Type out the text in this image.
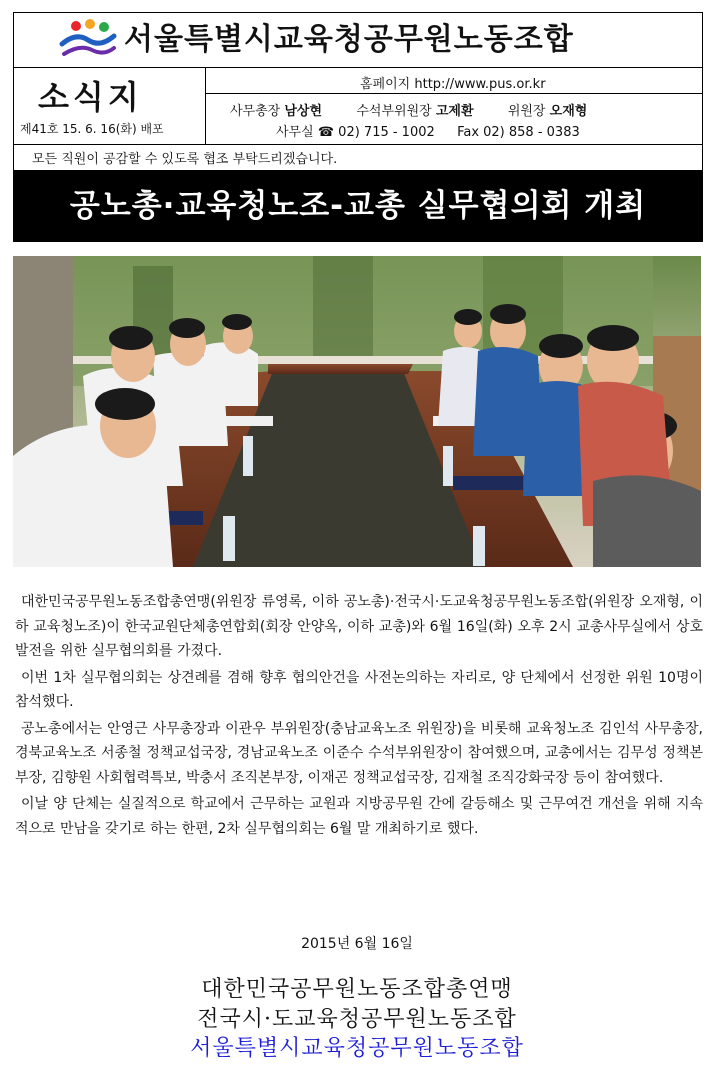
서울특별시교육청공무원노동조합
소식지
제41호 15. 6. 16(화) 배포
홈페이지 http://www.pus.or.kr
사무총장 남상현	수석부위원장 고제환	위원장 오재형
사무실 ☎ 02) 715 - 1002 Fax 02) 858 - 0383
모든 직원이 공감할 수 있도록 협조 부탁드리겠습니다.
공노총·교육청노조-교총 실무협의회 개최

대한민국공무원노동조합총연맹(위원장 류영록, 이하 공노총)·전국시·도교육청공무원노동조합(위원장 오재형, 이하 교육청노조)이 한국교원단체총연합회(회장 안양옥, 이하 교총)와 6월 16일(화) 오후 2시 교총사무실에서 상호발전을 위한 실무협의회를 가졌다.

이번 1차 실무협의회는 상견례를 겸해 향후 협의안건을 사전논의하는 자리로, 양 단체에서 선정한 위원 10명이 참석했다.

공노총에서는 안영근 사무총장과 이관우 부위원장(충남교육노조 위원장)을 비롯해 교육청노조 김인석 사무총장, 경북교육노조 서종철 정책교섭국장, 경남교육노조 이준수 수석부위원장이 참여했으며, 교총에서는 김무성 정책본부장, 김향원 사회협력특보, 박충서 조직본부장, 이재곤 정책교섭국장, 김재철 조직강화국장 등이 참여했다.

이날 양 단체는 실질적으로 학교에서 근무하는 교원과 지방공무원 간에 갈등해소 및 근무여건 개선을 위해 지속적으로 만남을 갖기로 하는 한편, 2차 실무협의회는 6월 말 개최하기로 했다.

2015년 6월 16일
대한민국공무원노동조합총연맹
전국시·도교육청공무원노동조합
서울특별시교육청공무원노동조합
